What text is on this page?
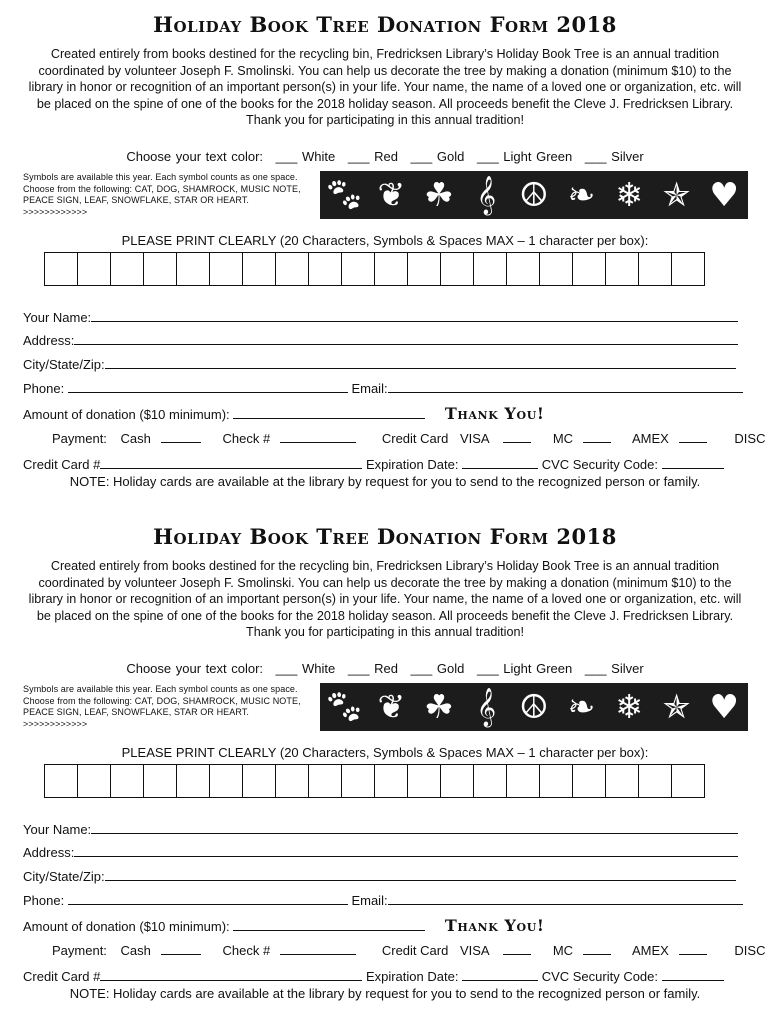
Holiday Book Tree Donation Form 2018
Created entirely from books destined for the recycling bin, Fredricksen Library’s Holiday Book Tree is an annual tradition coordinated by volunteer Joseph F. Smolinski. You can help us decorate the tree by making a donation (minimum $10) to the library in honor or recognition of an important person(s) in your life. Your name, the name of a loved one or organization, etc. will be placed on the spine of one of the books for the 2018 holiday season. All proceeds benefit the Cleve J. Fredricksen Library. Thank you for participating in this annual tradition!
Choose your text color: ___ White ___ Red ___ Gold ___ Light Green ___ Silver
Symbols are available this year. Each symbol counts as one space. Choose from the following: CAT, DOG, SHAMROCK, MUSIC NOTE, PEACE SIGN, LEAF, SNOWFLAKE, STAR OR HEART. >>>>>>>>>>>>	🐾︎ ❦ ☘ 𝄞 ☮ ❧ ❄ ✯ ♥
PLEASE PRINT CLEARLY (20 Characters, Symbols & Spaces MAX – 1 character per box):
Your Name:
Address:
City/State/Zip:
Phone:	Email:
Amount of donation ($10 minimum):	Thank You!
Payment: Cash	Check #	Credit Card VISA	MC	AMEX	DISC
Credit Card #	Expiration Date:	CVC Security Code:
NOTE: Holiday cards are available at the library by request for you to send to the recognized person or family.
Holiday Book Tree Donation Form 2018
Created entirely from books destined for the recycling bin, Fredricksen Library’s Holiday Book Tree is an annual tradition coordinated by volunteer Joseph F. Smolinski. You can help us decorate the tree by making a donation (minimum $10) to the library in honor or recognition of an important person(s) in your life. Your name, the name of a loved one or organization, etc. will be placed on the spine of one of the books for the 2018 holiday season. All proceeds benefit the Cleve J. Fredricksen Library. Thank you for participating in this annual tradition!
Choose your text color: ___ White ___ Red ___ Gold ___ Light Green ___ Silver
Symbols are available this year. Each symbol counts as one space. Choose from the following: CAT, DOG, SHAMROCK, MUSIC NOTE, PEACE SIGN, LEAF, SNOWFLAKE, STAR OR HEART. >>>>>>>>>>>>	🐾︎ ❦ ☘ 𝄞 ☮ ❧ ❄ ✯ ♥
PLEASE PRINT CLEARLY (20 Characters, Symbols & Spaces MAX – 1 character per box):
Your Name:
Address:
City/State/Zip:
Phone:	Email:
Amount of donation ($10 minimum):	Thank You!
Payment: Cash	Check #	Credit Card VISA	MC	AMEX	DISC
Credit Card #	Expiration Date:	CVC Security Code:
NOTE: Holiday cards are available at the library by request for you to send to the recognized person or family.
